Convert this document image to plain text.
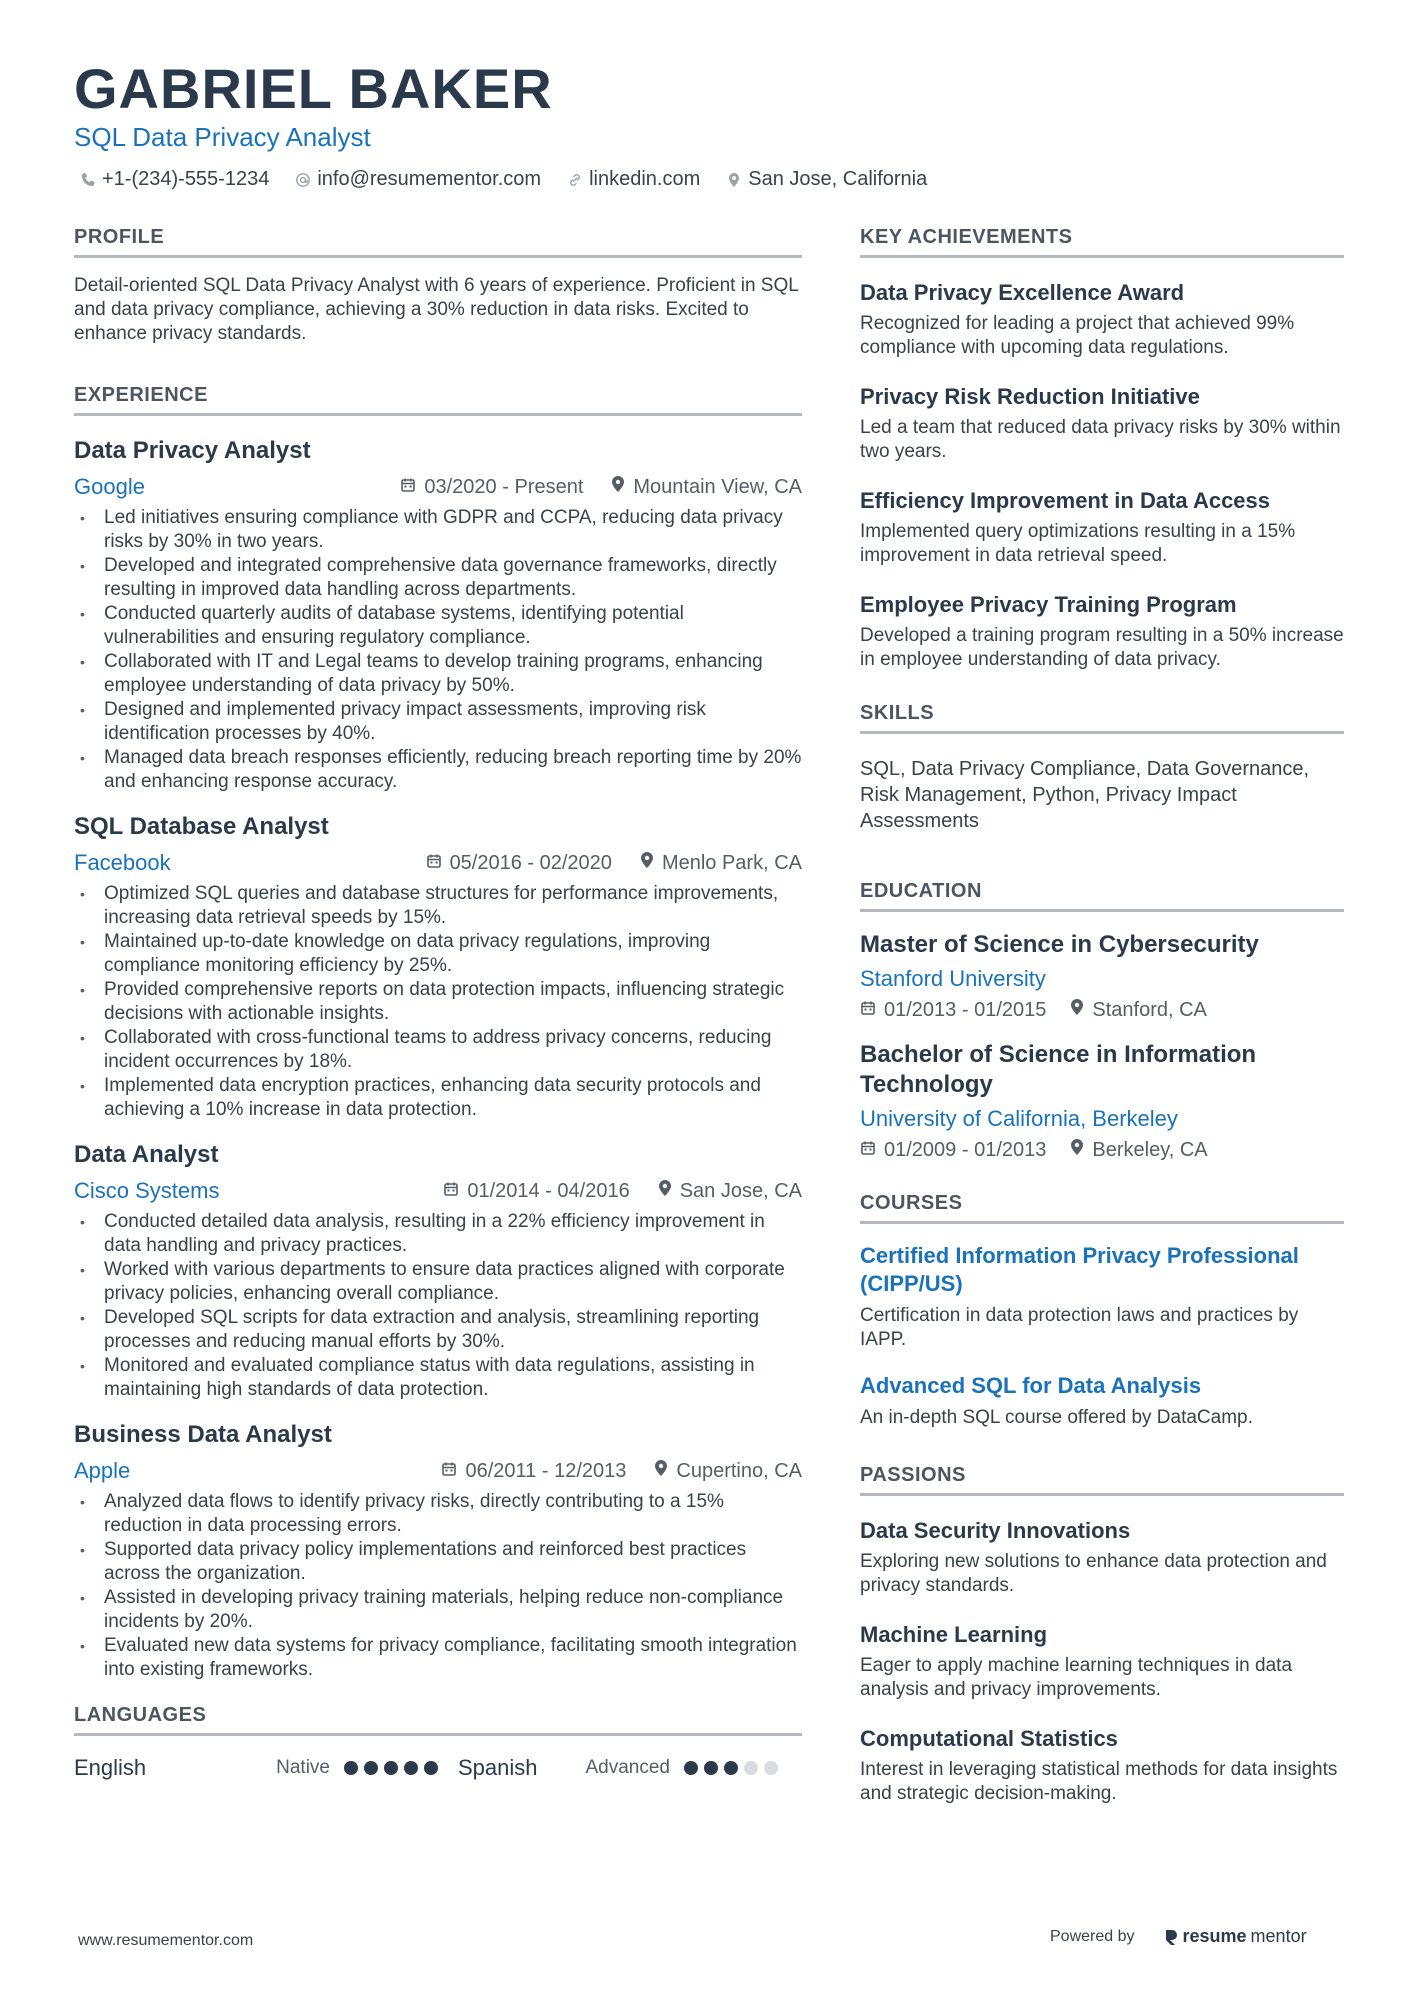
GABRIEL BAKER
SQL Data Privacy Analyst
+1-(234)-555-1234 info@resumementor.com linkedin.com San Jose, California
PROFILE

Detail-oriented SQL Data Privacy Analyst with 6 years of experience. Proficient in SQL and data privacy compliance, achieving a 30% reduction in data risks. Excited to enhance privacy standards.

EXPERIENCE
Data Privacy Analyst
Google	03/2020 - Present	Mountain View, CA
• Led initiatives ensuring compliance with GDPR and CCPA, reducing data privacy risks by 30% in two years.
• Developed and integrated comprehensive data governance frameworks, directly resulting in improved data handling across departments.
• Conducted quarterly audits of database systems, identifying potential vulnerabilities and ensuring regulatory compliance.
• Collaborated with IT and Legal teams to develop training programs, enhancing employee understanding of data privacy by 50%.
• Designed and implemented privacy impact assessments, improving risk identification processes by 40%.
• Managed data breach responses efficiently, reducing breach reporting time by 20% and enhancing response accuracy.
SQL Database Analyst
Facebook	05/2016 - 02/2020	Menlo Park, CA
• Optimized SQL queries and database structures for performance improvements, increasing data retrieval speeds by 15%.
• Maintained up-to-date knowledge on data privacy regulations, improving compliance monitoring efficiency by 25%.
• Provided comprehensive reports on data protection impacts, influencing strategic decisions with actionable insights.
• Collaborated with cross-functional teams to address privacy concerns, reducing incident occurrences by 18%.
• Implemented data encryption practices, enhancing data security protocols and achieving a 10% increase in data protection.
Data Analyst
Cisco Systems	01/2014 - 04/2016	San Jose, CA
• Conducted detailed data analysis, resulting in a 22% efficiency improvement in data handling and privacy practices.
• Worked with various departments to ensure data practices aligned with corporate privacy policies, enhancing overall compliance.
• Developed SQL scripts for data extraction and analysis, streamlining reporting processes and reducing manual efforts by 30%.
• Monitored and evaluated compliance status with data regulations, assisting in maintaining high standards of data protection.
Business Data Analyst
Apple	06/2011 - 12/2013	Cupertino, CA
• Analyzed data flows to identify privacy risks, directly contributing to a 15% reduction in data processing errors.
• Supported data privacy policy implementations and reinforced best practices across the organization.
• Assisted in developing privacy training materials, helping reduce non-compliance incidents by 20%.
• Evaluated new data systems for privacy compliance, facilitating smooth integration into existing frameworks.
LANGUAGES
English	Native	Spanish	Advanced
KEY ACHIEVEMENTS
Data Privacy Excellence Award

Recognized for leading a project that achieved 99% compliance with upcoming data regulations.

Privacy Risk Reduction Initiative

Led a team that reduced data privacy risks by 30% within two years.

Efficiency Improvement in Data Access

Implemented query optimizations resulting in a 15% improvement in data retrieval speed.

Employee Privacy Training Program

Developed a training program resulting in a 50% increase in employee understanding of data privacy.

SKILLS

SQL, Data Privacy Compliance, Data Governance, Risk Management, Python, Privacy Impact Assessments

EDUCATION
Master of Science in Cybersecurity
Stanford University
01/2013 - 01/2015 Stanford, CA
Bachelor of Science in Information Technology
University of California, Berkeley
01/2009 - 01/2013 Berkeley, CA
COURSES
Certified Information Privacy Professional (CIPP/US)

Certification in data protection laws and practices by IAPP.

Advanced SQL for Data Analysis

An in-depth SQL course offered by DataCamp.

PASSIONS
Data Security Innovations

Exploring new solutions to enhance data protection and privacy standards.

Machine Learning

Eager to apply machine learning techniques in data analysis and privacy improvements.

Computational Statistics

Interest in leveraging statistical methods for data insights and strategic decision-making.

www.resumementor.com	Powered by	resume mentor
